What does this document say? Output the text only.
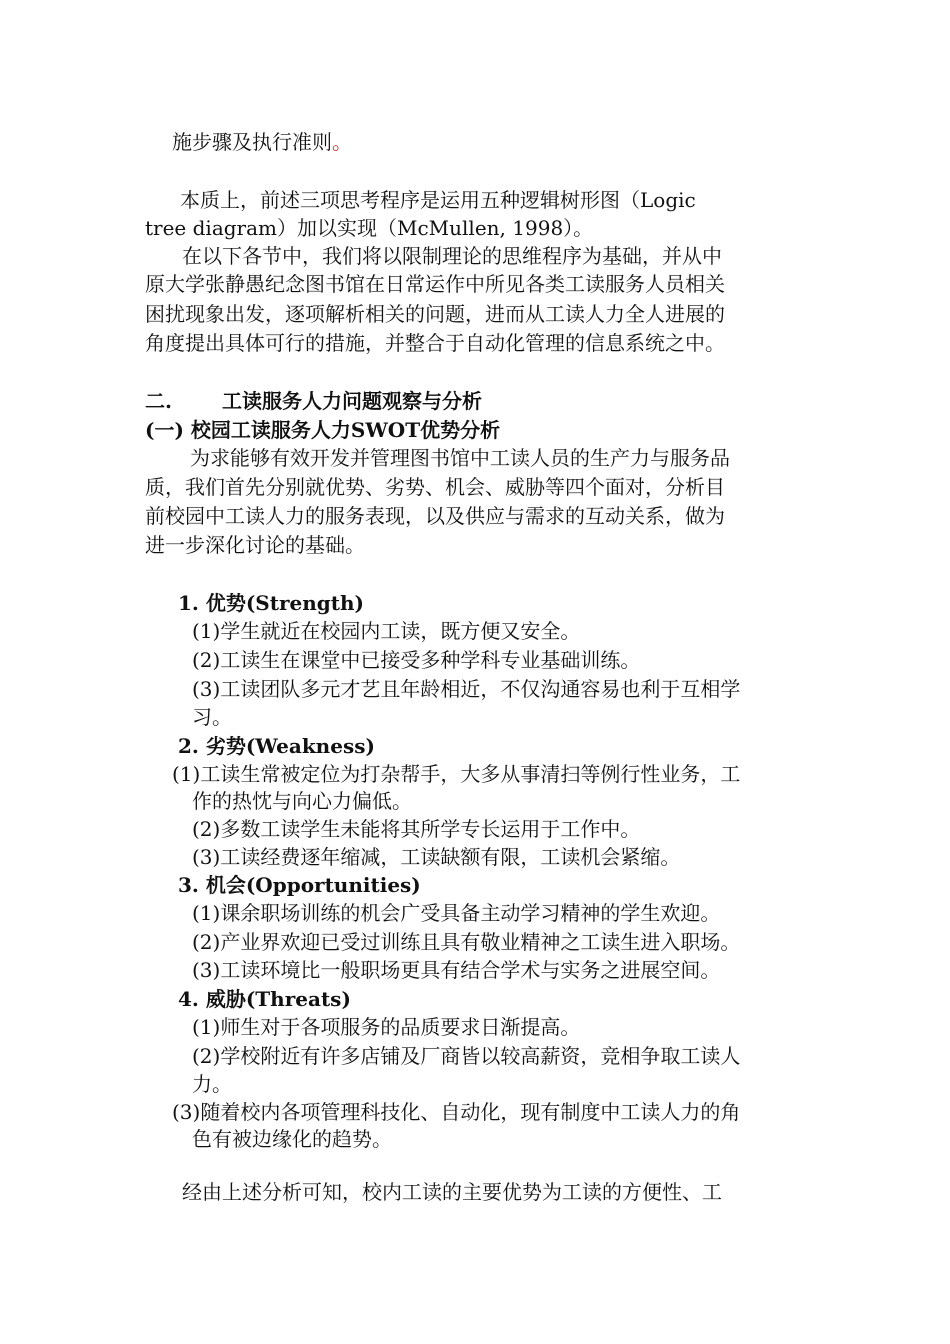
施步骤及执行准则。
本质上，前述三项思考程序是运用五种逻辑树形图（Logic
tree diagram）加以实现（McMullen, 1998）。
在以下各节中，我们将以限制理论的思维程序为基础，并从中
原大学张静愚纪念图书馆在日常运作中所见各类工读服务人员相关
困扰现象出发，逐项解析相关的问题，进而从工读人力全人进展的
角度提出具体可行的措施，并整合于自动化管理的信息系统之中。
二.	工读服务人力问题观察与分析
(一) 校园工读服务人力SWOT优势分析
为求能够有效开发并管理图书馆中工读人员的生产力与服务品
质，我们首先分别就优势、劣势、机会、威胁等四个面对，分析目
前校园中工读人力的服务表现，以及供应与需求的互动关系，做为
进一步深化讨论的基础。
1. 优势(Strength)
(1)学生就近在校园内工读，既方便又安全。
(2)工读生在课堂中已接受多种学科专业基础训练。
(3)工读团队多元才艺且年龄相近，不仅沟通容易也利于互相学
习。
2. 劣势(Weakness)
(1)工读生常被定位为打杂帮手，大多从事清扫等例行性业务，工
作的热忱与向心力偏低。
(2)多数工读学生未能将其所学专长运用于工作中。
(3)工读经费逐年缩减，工读缺额有限，工读机会紧缩。
3. 机会(Opportunities)
(1)课余职场训练的机会广受具备主动学习精神的学生欢迎。
(2)产业界欢迎已受过训练且具有敬业精神之工读生进入职场。
(3)工读环境比一般职场更具有结合学术与实务之进展空间。
4. 威胁(Threats)
(1)师生对于各项服务的品质要求日渐提高。
(2)学校附近有许多店铺及厂商皆以较高薪资，竞相争取工读人
力。
(3)随着校内各项管理科技化、自动化，现有制度中工读人力的角
色有被边缘化的趋势。
经由上述分析可知，校内工读的主要优势为工读的方便性、工
